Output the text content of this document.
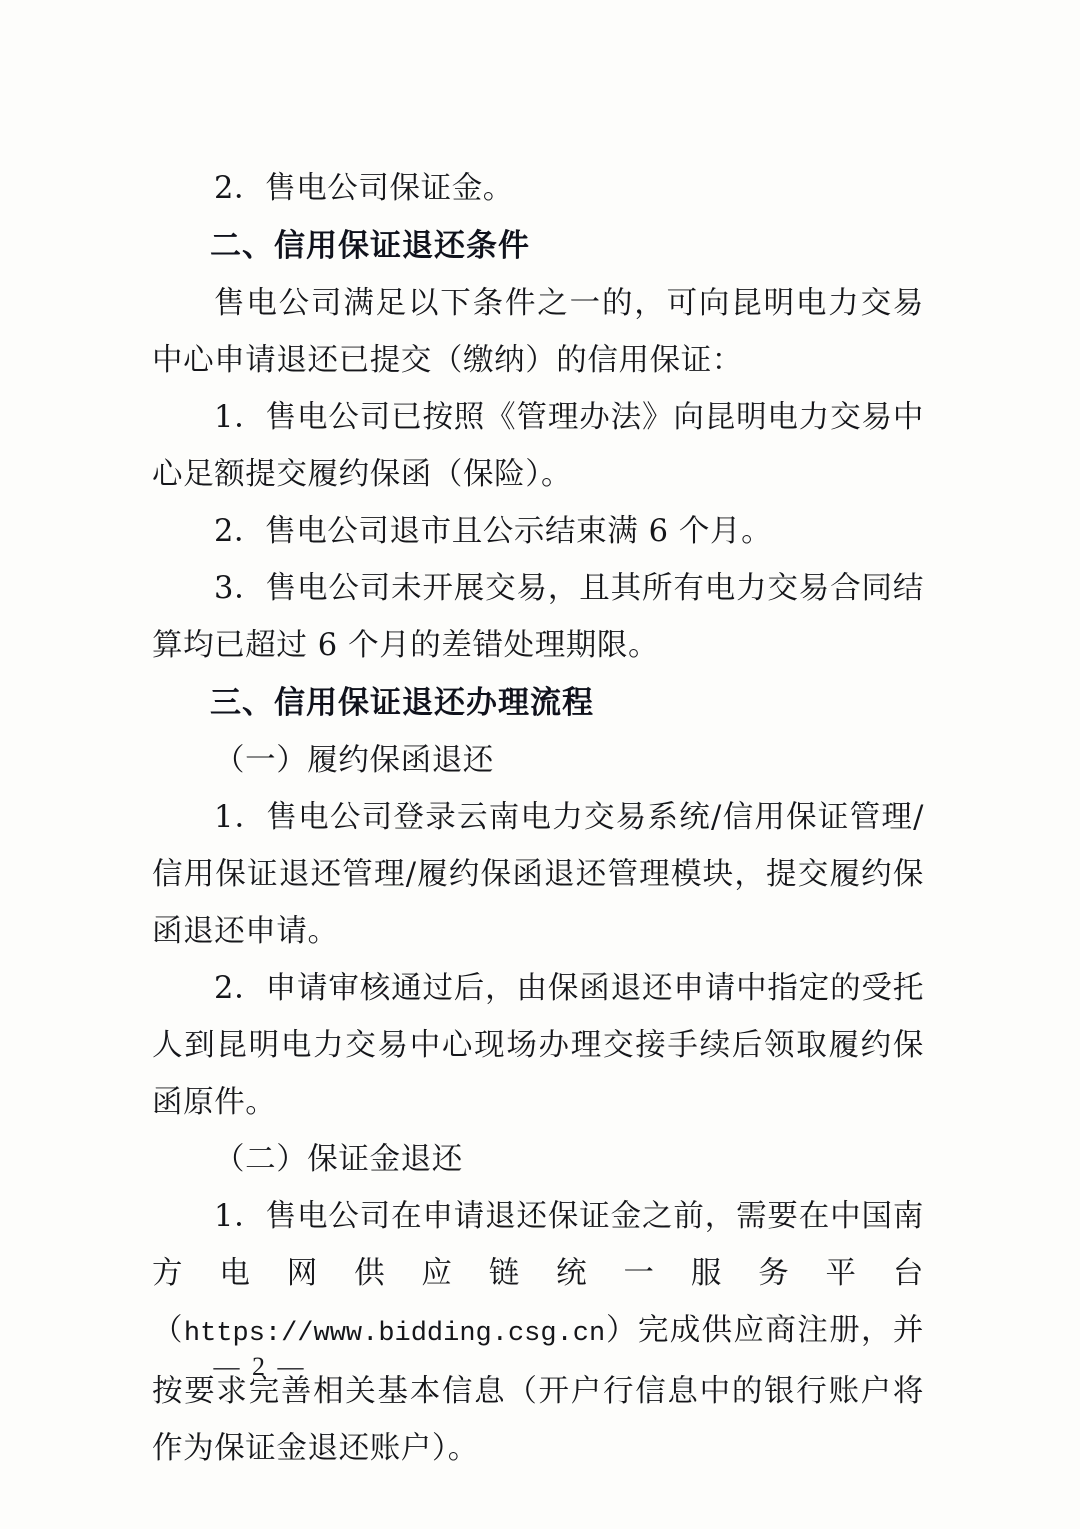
2．售电公司保证金。

二、信用保证退还条件

售电公司满足以下条件之一的，可向昆明电力交易中心申请退还已提交（缴纳）的信用保证：

1．售电公司已按照《管理办法》向昆明电力交易中心足额提交履约保函（保险）。

2．售电公司退市且公示结束满 6 个月。

3．售电公司未开展交易，且其所有电力交易合同结算均已超过 6 个月的差错处理期限。

三、信用保证退还办理流程

（一）履约保函退还

1．售电公司登录云南电力交易系统/信用保证管理/信用保证退还管理/履约保函退还管理模块，提交履约保函退还申请。

2．申请审核通过后，由保函退还申请中指定的受托人到昆明电力交易中心现场办理交接手续后领取履约保函原件。

（二）保证金退还

1．售电公司在申请退还保证金之前，需要在中国南方电网供应链统一服务平台（https://www.bidding.csg.cn）完成供应商注册，并按要求完善相关基本信息（开户行信息中的银行账户将作为保证金退还账户）。

— 2 —
